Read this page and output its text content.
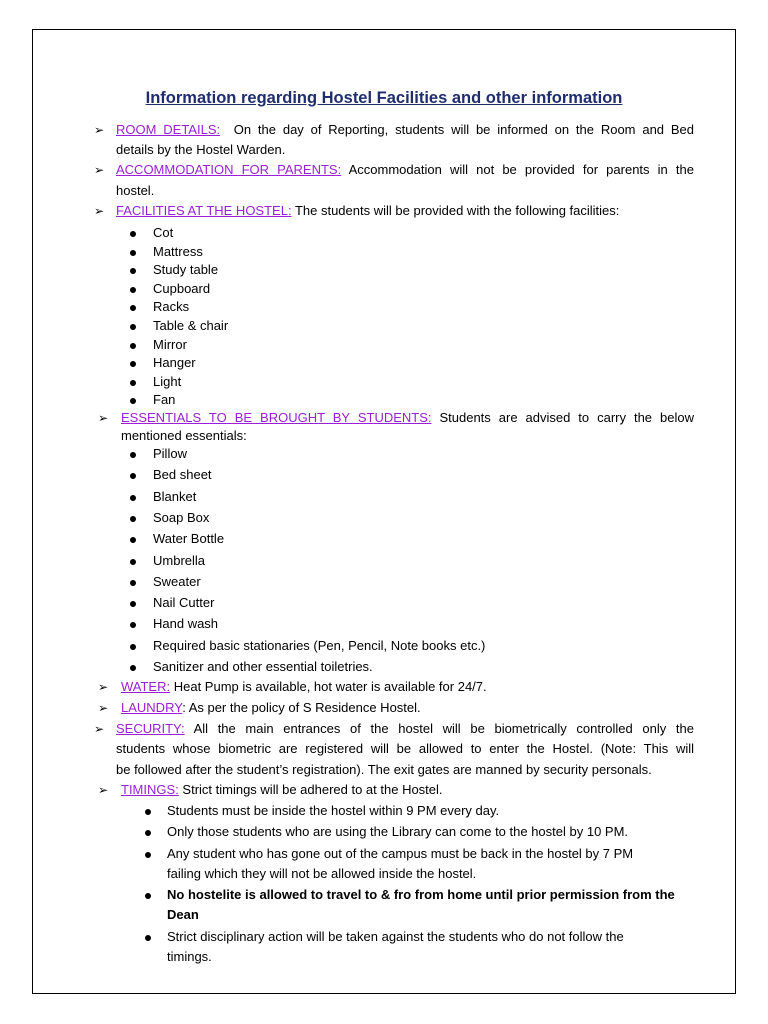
Information regarding Hostel Facilities and other information
➢ ROOM DETAILS: On the day of Reporting, students will be informed on the Room and Bed
details by the Hostel Warden.
➢ ACCOMMODATION FOR PARENTS: Accommodation will not be provided for parents in the
hostel.
➢ FACILITIES AT THE HOSTEL: The students will be provided with the following facilities:
Cot
Mattress
Study table
Cupboard
Racks
Table & chair
Mirror
Hanger
Light
Fan
➢ ESSENTIALS TO BE BROUGHT BY STUDENTS: Students are advised to carry the below
mentioned essentials:
Pillow
Bed sheet
Blanket
Soap Box
Water Bottle
Umbrella
Sweater
Nail Cutter
Hand wash
Required basic stationaries (Pen, Pencil, Note books etc.)
Sanitizer and other essential toiletries.
➢ WATER: Heat Pump is available, hot water is available for 24/7.
➢ LAUNDRY: As per the policy of S Residence Hostel.
➢ SECURITY: All the main entrances of the hostel will be biometrically controlled only the
students whose biometric are registered will be allowed to enter the Hostel. (Note: This will
be followed after the student’s registration). The exit gates are manned by security personals.
➢ TIMINGS: Strict timings will be adhered to at the Hostel.
Students must be inside the hostel within 9 PM every day.
Only those students who are using the Library can come to the hostel by 10 PM.
Any student who has gone out of the campus must be back in the hostel by 7 PM
failing which they will not be allowed inside the hostel.
No hostelite is allowed to travel to & fro from home until prior permission from the
Dean
Strict disciplinary action will be taken against the students who do not follow the
timings.
